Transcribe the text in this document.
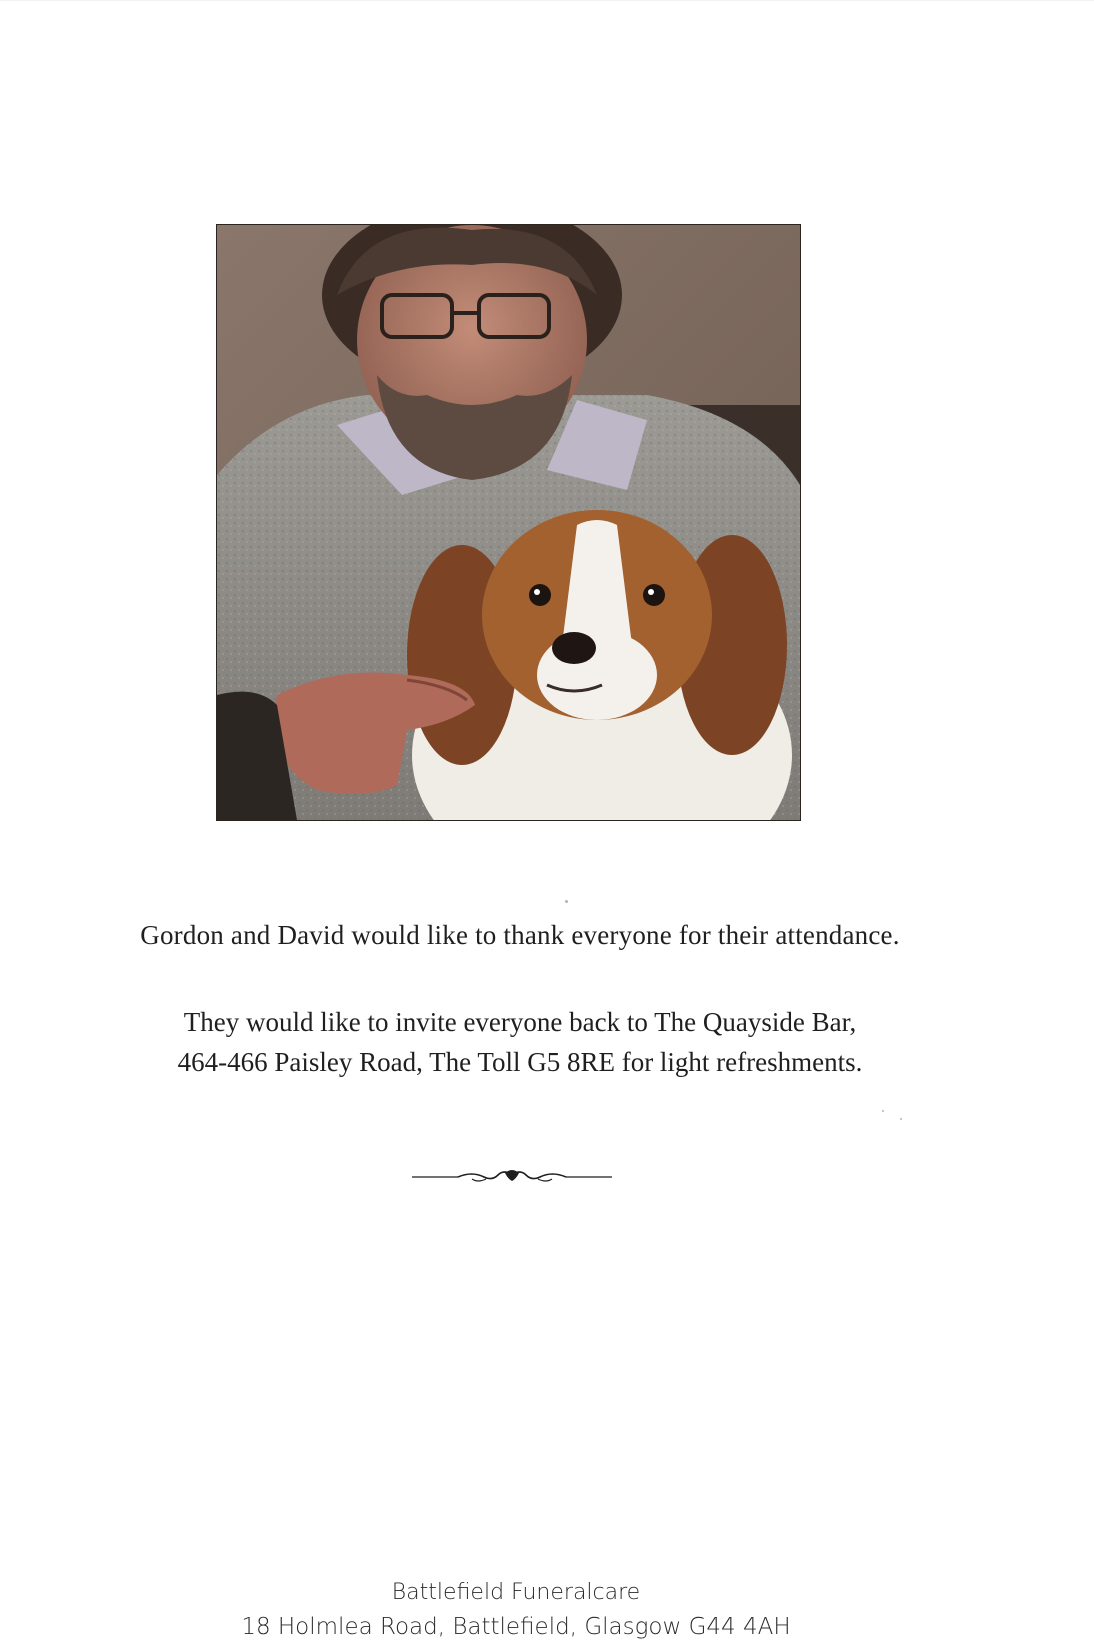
Gordon and David would like to thank everyone for their attendance.
They would like to invite everyone back to The Quayside Bar,
464-466 Paisley Road, The Toll G5 8RE for light refreshments.
Battlefield Funeralcare
18 Holmlea Road, Battlefield, Glasgow G44 4AH
